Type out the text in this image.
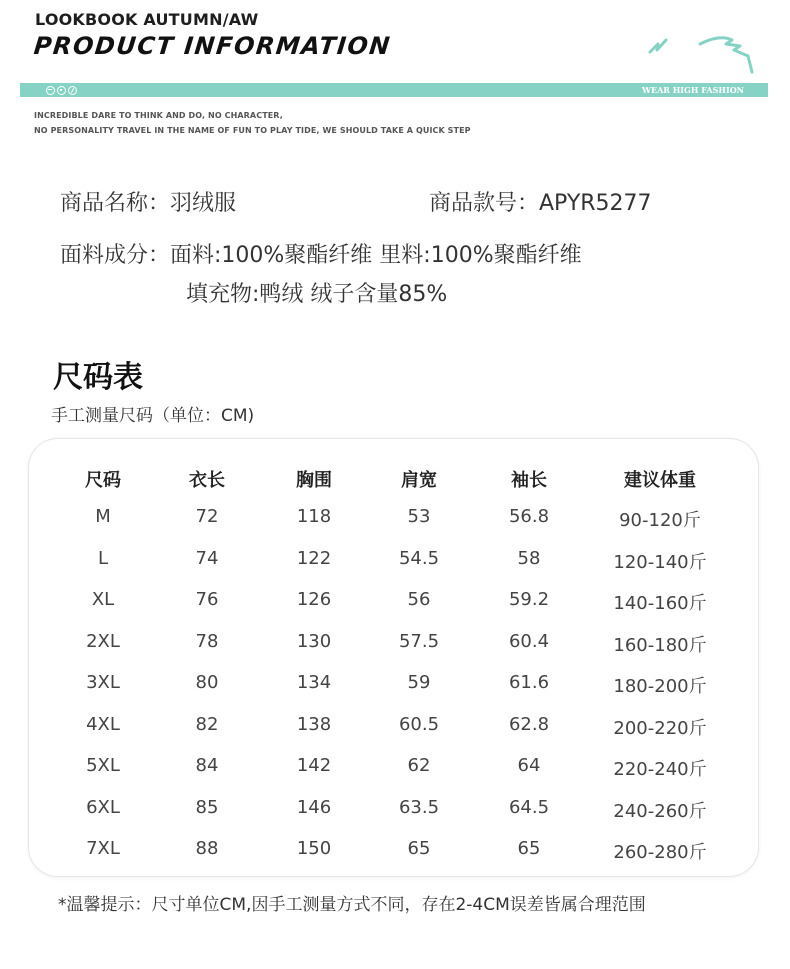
LOOKBOOK AUTUMN/AW
PRODUCT INFORMATION
WEAR HIGH FASHION
INCREDIBLE DARE TO THINK AND DO, NO CHARACTER,
NO PERSONALITY TRAVEL IN THE NAME OF FUN TO PLAY TIDE, WE SHOULD TAKE A QUICK STEP
商品名称：羽绒服	商品款号：APYR5277
面料成分：面料:100%聚酯纤维 里料:100%聚酯纤维
填充物:鸭绒 绒子含量85%
尺码表
手工测量尺码（单位：CM)
尺码	衣长	胸围	肩宽	袖长	建议体重
M	72	118	53	56.8	90-120斤
L	74	122	54.5	58	120-140斤
XL	76	126	56	59.2	140-160斤
2XL	78	130	57.5	60.4	160-180斤
3XL	80	134	59	61.6	180-200斤
4XL	82	138	60.5	62.8	200-220斤
5XL	84	142	62	64	220-240斤
6XL	85	146	63.5	64.5	240-260斤
7XL	88	150	65	65	260-280斤
*温馨提示：尺寸单位CM,因手工测量方式不同，存在2-4CM误差皆属合理范围
